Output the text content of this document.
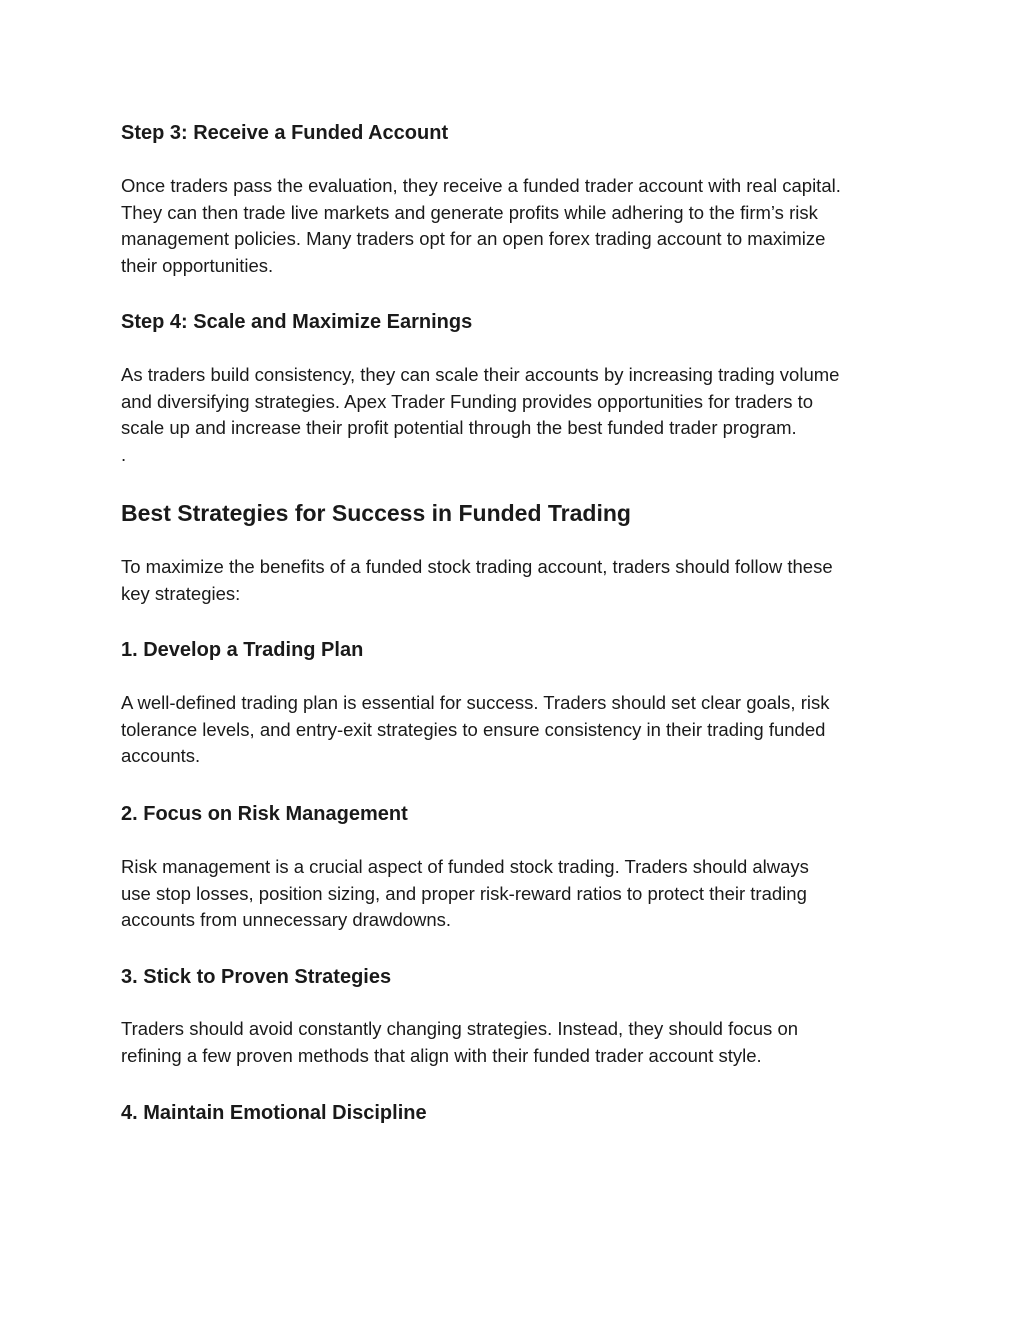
Step 3: Receive a Funded Account

Once traders pass the evaluation, they receive a funded trader account with real capital.
They can then trade live markets and generate profits while adhering to the firm’s risk
management policies. Many traders opt for an open forex trading account to maximize
their opportunities.

Step 4: Scale and Maximize Earnings

As traders build consistency, they can scale their accounts by increasing trading volume
and diversifying strategies. Apex Trader Funding provides opportunities for traders to
scale up and increase their profit potential through the best funded trader program.
.

Best Strategies for Success in Funded Trading

To maximize the benefits of a funded stock trading account, traders should follow these
key strategies:

1. Develop a Trading Plan

A well-defined trading plan is essential for success. Traders should set clear goals, risk
tolerance levels, and entry-exit strategies to ensure consistency in their trading funded
accounts.

2. Focus on Risk Management

Risk management is a crucial aspect of funded stock trading. Traders should always
use stop losses, position sizing, and proper risk-reward ratios to protect their trading
accounts from unnecessary drawdowns.

3. Stick to Proven Strategies

Traders should avoid constantly changing strategies. Instead, they should focus on
refining a few proven methods that align with their funded trader account style.

4. Maintain Emotional Discipline
